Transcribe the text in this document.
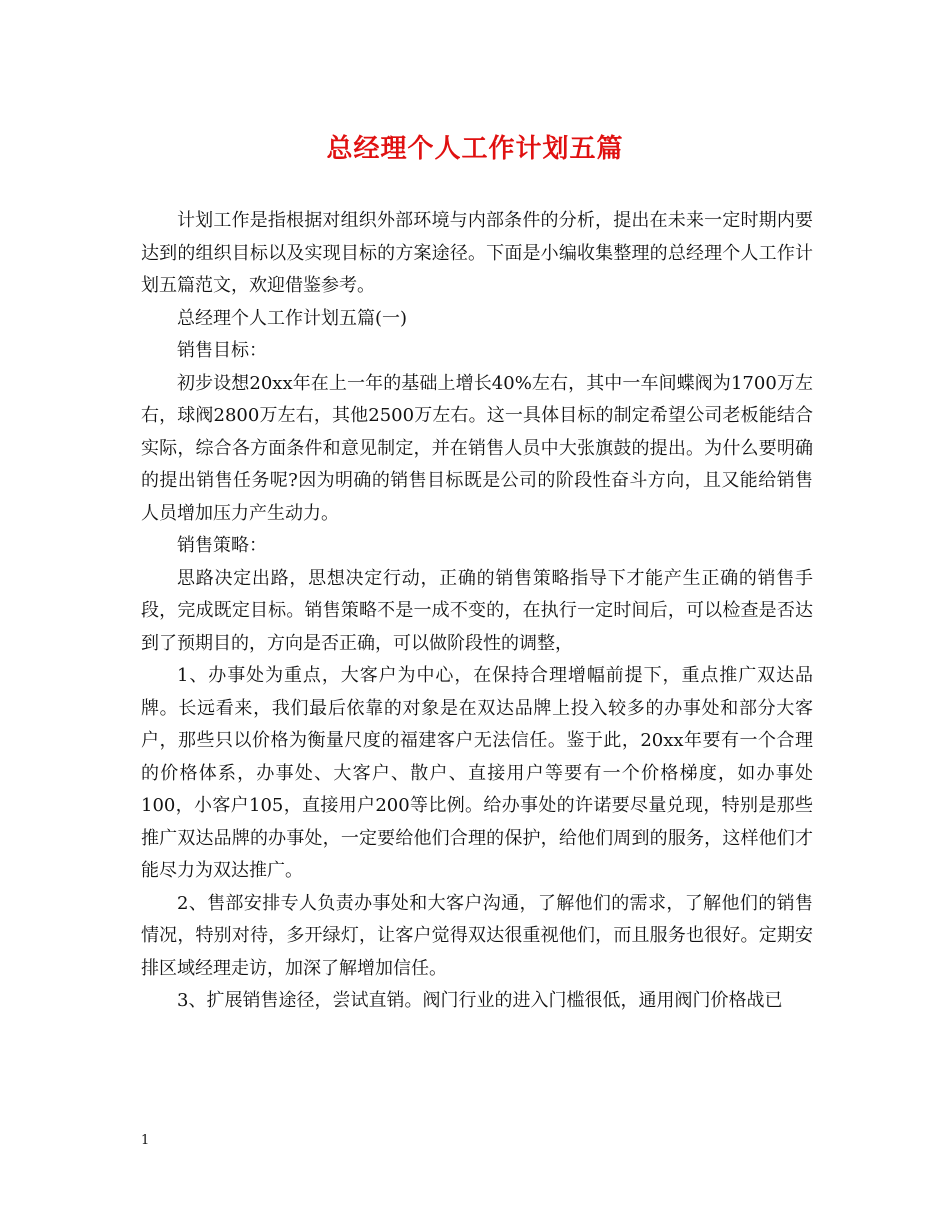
总经理个人工作计划五篇

计划工作是指根据对组织外部环境与内部条件的分析，提出在未来一定时期内要达到的组织目标以及实现目标的方案途径。下面是小编收集整理的总经理个人工作计划五篇范文，欢迎借鉴参考。

总经理个人工作计划五篇(一)

销售目标：

初步设想20xx年在上一年的基础上增长40%左右，其中一车间蝶阀为1700万左右，球阀2800万左右，其他2500万左右。这一具体目标的制定希望公司老板能结合实际，综合各方面条件和意见制定，并在销售人员中大张旗鼓的提出。为什么要明确的提出销售任务呢?因为明确的销售目标既是公司的阶段性奋斗方向，且又能给销售人员增加压力产生动力。

销售策略：

思路决定出路，思想决定行动，正确的销售策略指导下才能产生正确的销售手段，完成既定目标。销售策略不是一成不变的，在执行一定时间后，可以检查是否达到了预期目的，方向是否正确，可以做阶段性的调整，

1、办事处为重点，大客户为中心，在保持合理增幅前提下，重点推广双达品牌。长远看来，我们最后依靠的对象是在双达品牌上投入较多的办事处和部分大客户，那些只以价格为衡量尺度的福建客户无法信任。鉴于此，20xx年要有一个合理的价格体系，办事处、大客户、散户、直接用户等要有一个价格梯度，如办事处100，小客户105，直接用户200等比例。给办事处的许诺要尽量兑现，特别是那些推广双达品牌的办事处，一定要给他们合理的保护，给他们周到的服务，这样他们才能尽力为双达推广。

2、售部安排专人负责办事处和大客户沟通，了解他们的需求，了解他们的销售情况，特别对待，多开绿灯，让客户觉得双达很重视他们，而且服务也很好。定期安排区域经理走访，加深了解增加信任。

3、扩展销售途径，尝试直销。阀门行业的进入门槛很低，通用阀门价格战已

1
